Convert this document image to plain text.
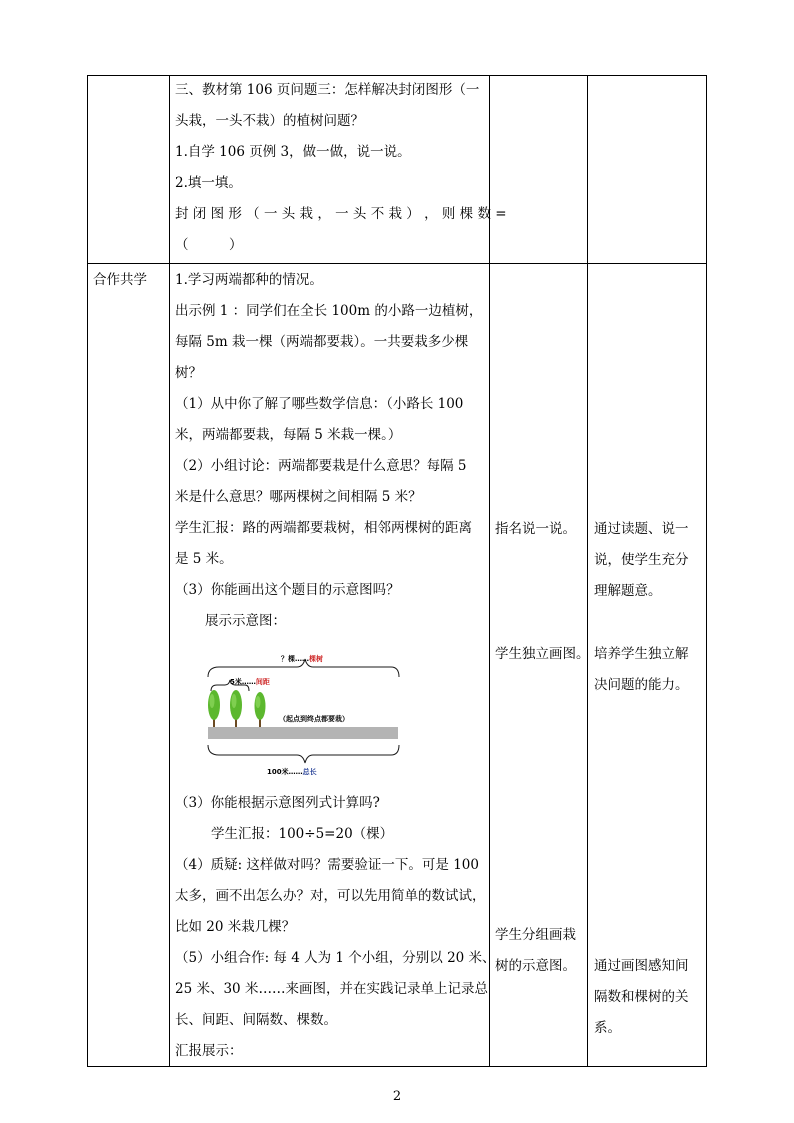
三、教材第 106 页问题三：怎样解决封闭图形（一
头栽，一头不栽）的植树问题？
1.自学 106 页例 3，做一做，说一说。
2.填一填。
封 闭 图 形 （ 一 头 栽 ， 一 头 不 栽 ） ， 则 棵 数 =
（　　　）
合作共学 1.学习两端都种的情况。
出示例 1 ：同学们在全长 100m 的小路一边植树，
每隔 5m 栽一棵（两端都要栽）。一共要栽多少棵
树？
（1）从中你了解了哪些数学信息：（小路长 100
米，两端都要栽，每隔 5 米栽一棵。）
（2）小组讨论：两端都要栽是什么意思？每隔 5
米是什么意思？哪两棵树之间相隔 5 米？
学生汇报：路的两端都要栽树，相邻两棵树的距离
是 5 米。
（3）你能画出这个题目的示意图吗？
展示示意图：
？棵……棵树
5米……间距
（起点到终点都要栽）
100米……总长
（3）你能根据示意图列式计算吗?
学生汇报：100÷5=20（棵）
（4）质疑: 这样做对吗？需要验证一下。可是 100
太多，画不出怎么办？对，可以先用简单的数试试，
比如 20 米栽几棵？
（5）小组合作: 每 4 人为 1 个小组，分别以 20 米、
25 米、30 米……来画图，并在实践记录单上记录总
长、间距、间隔数、棵数。
汇报展示：
指名说一说。
学生独立画图。
学生分组画栽
树的示意图。
通过读题、说一
说，使学生充分
理解题意。
培养学生独立解
决问题的能力。
通过画图感知间
隔数和棵树的关
系。
2
